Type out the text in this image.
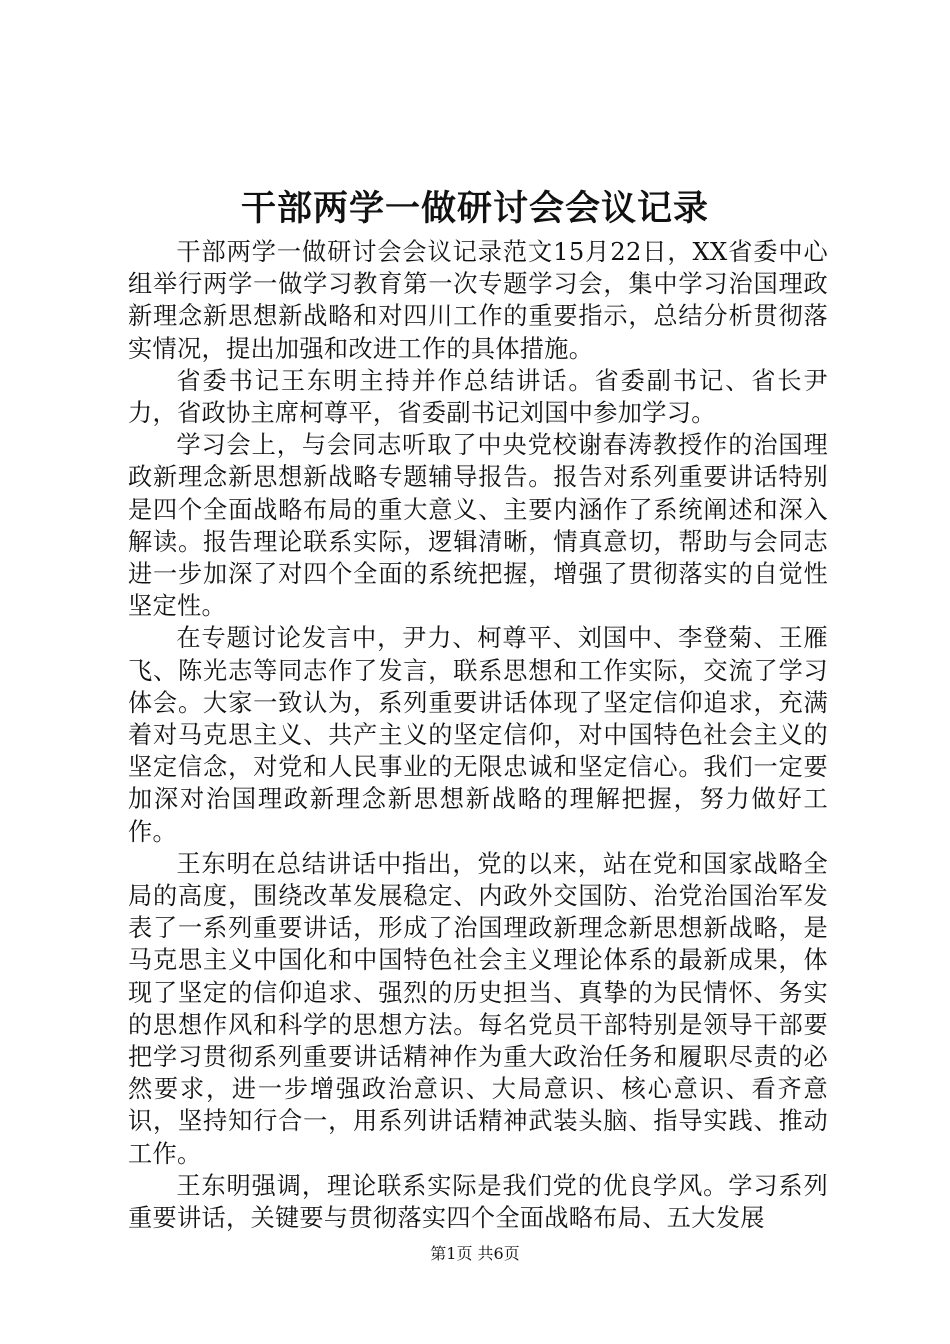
干部两学一做研讨会会议记录

干部两学一做研讨会会议记录范文15月22日，XX省委中心组举行两学一做学习教育第一次专题学习会，集中学习治国理政新理念新思想新战略和对四川工作的重要指示，总结分析贯彻落实情况，提出加强和改进工作的具体措施。

省委书记王东明主持并作总结讲话。省委副书记、省长尹力，省政协主席柯尊平，省委副书记刘国中参加学习。

学习会上，与会同志听取了中央党校谢春涛教授作的治国理政新理念新思想新战略专题辅导报告。报告对系列重要讲话特别是四个全面战略布局的重大意义、主要内涵作了系统阐述和深入解读。报告理论联系实际，逻辑清晰，情真意切，帮助与会同志进一步加深了对四个全面的系统把握，增强了贯彻落实的自觉性坚定性。

在专题讨论发言中，尹力、柯尊平、刘国中、李登菊、王雁飞、陈光志等同志作了发言，联系思想和工作实际，交流了学习体会。大家一致认为，系列重要讲话体现了坚定信仰追求，充满着对马克思主义、共产主义的坚定信仰，对中国特色社会主义的坚定信念，对党和人民事业的无限忠诚和坚定信心。我们一定要加深对治国理政新理念新思想新战略的理解把握，努力做好工作。

王东明在总结讲话中指出，党的以来，站在党和国家战略全局的高度，围绕改革发展稳定、内政外交国防、治党治国治军发表了一系列重要讲话，形成了治国理政新理念新思想新战略，是马克思主义中国化和中国特色社会主义理论体系的最新成果，体现了坚定的信仰追求、强烈的历史担当、真挚的为民情怀、务实的思想作风和科学的思想方法。每名党员干部特别是领导干部要把学习贯彻系列重要讲话精神作为重大政治任务和履职尽责的必然要求，进一步增强政治意识、大局意识、核心意识、看齐意识，坚持知行合一，用系列讲话精神武装头脑、指导实践、推动工作。

王东明强调，理论联系实际是我们党的优良学风。学习系列重要讲话，关键要与贯彻落实四个全面战略布局、五大发展

第1页 共6页
